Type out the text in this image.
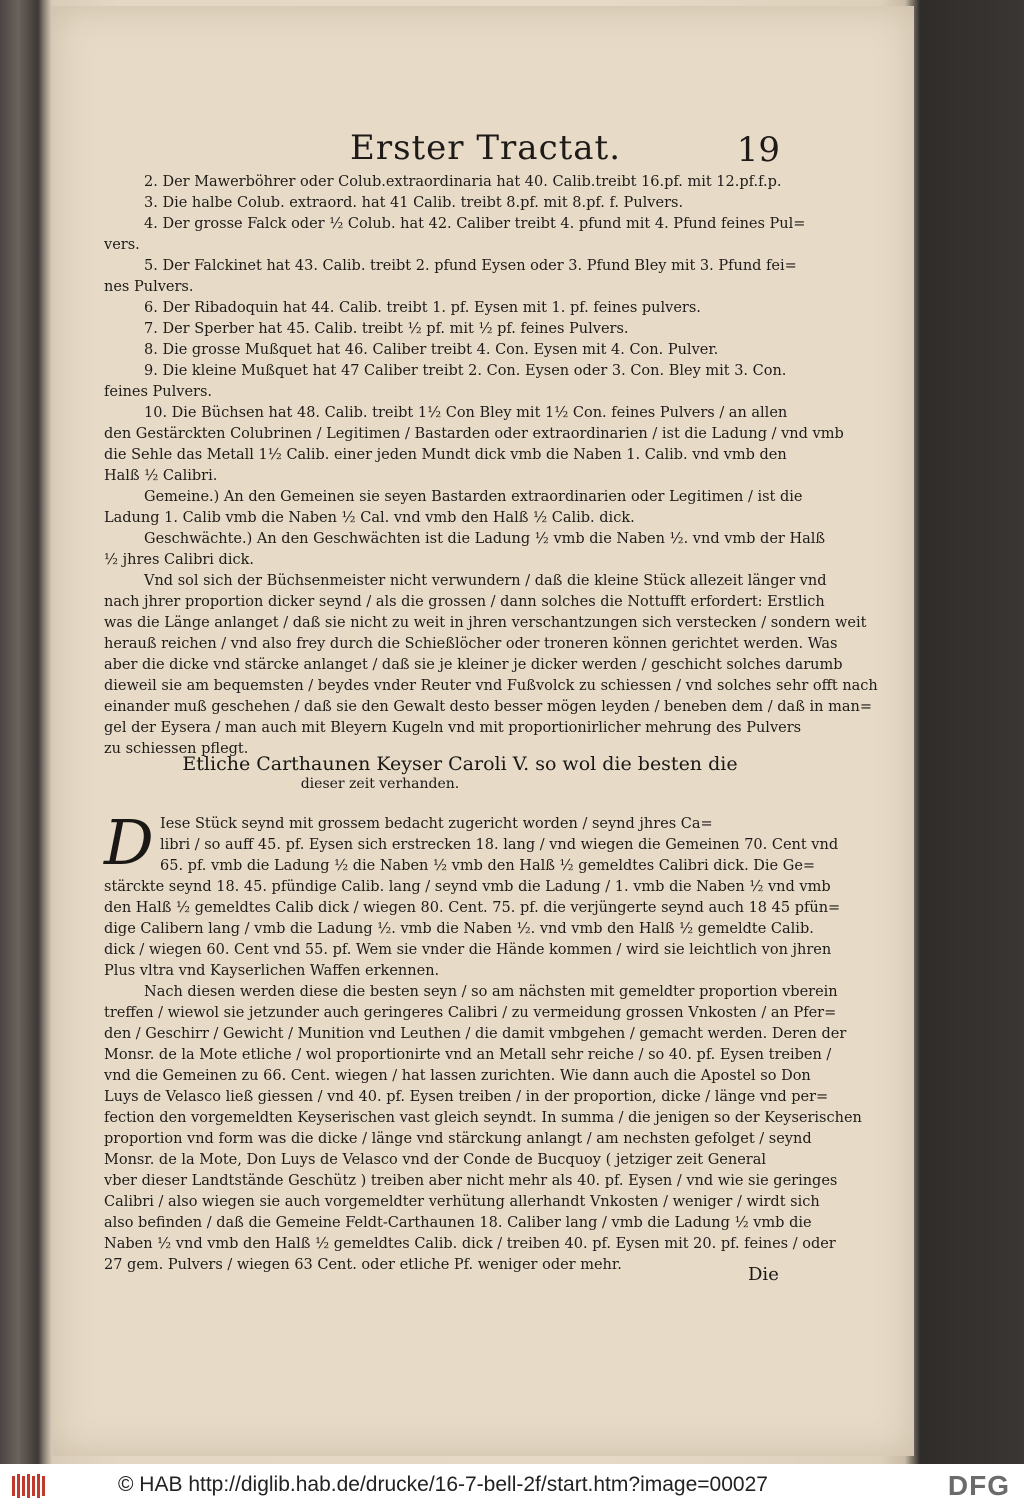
Erster Tractat.	19
2. Der Mawerböhrer oder Colub.extraordinaria hat 40. Calib.treibt 16.pf. mit 12.pf.f.p.
3. Die halbe Colub. extraord. hat 41 Calib. treibt 8.pf. mit 8.pf. f. Pulvers.
4. Der grosse Falck oder ½ Colub. hat 42. Caliber treibt 4. pfund mit 4. Pfund feines Pul=
vers.
5. Der Falckinet hat 43. Calib. treibt 2. pfund Eysen oder 3. Pfund Bley mit 3. Pfund fei=
nes Pulvers.
6. Der Ribadoquin hat 44. Calib. treibt 1. pf. Eysen mit 1. pf. feines pulvers.
7. Der Sperber hat 45. Calib. treibt ½ pf. mit ½ pf. feines Pulvers.
8. Die grosse Mußquet hat 46. Caliber treibt 4. Con. Eysen mit 4. Con. Pulver.
9. Die kleine Mußquet hat 47 Caliber treibt 2. Con. Eysen oder 3. Con. Bley mit 3. Con.
feines Pulvers.
10. Die Büchsen hat 48. Calib. treibt 1½ Con Bley mit 1½ Con. feines Pulvers / an allen
den Gestärckten Colubrinen / Legitimen / Bastarden oder extraordinarien / ist die Ladung / vnd vmb
die Sehle das Metall 1½ Calib. einer jeden Mundt dick vmb die Naben 1. Calib. vnd vmb den
Halß ½ Calibri.
Gemeine.) An den Gemeinen sie seyen Bastarden extraordinarien oder Legitimen / ist die
Ladung 1. Calib vmb die Naben ½ Cal. vnd vmb den Halß ½ Calib. dick.
Geschwächte.) An den Geschwächten ist die Ladung ½ vmb die Naben ½. vnd vmb der Halß
½ jhres Calibri dick.
Vnd sol sich der Büchsenmeister nicht verwundern / daß die kleine Stück allezeit länger vnd
nach jhrer proportion dicker seynd / als die grossen / dann solches die Nottufft erfordert: Erstlich
was die Länge anlanget / daß sie nicht zu weit in jhren verschantzungen sich verstecken / sondern weit
herauß reichen / vnd also frey durch die Schießlöcher oder troneren können gerichtet werden. Was
aber die dicke vnd stärcke anlanget / daß sie je kleiner je dicker werden / geschicht solches darumb
dieweil sie am bequemsten / beydes vnder Reuter vnd Fußvolck zu schiessen / vnd solches sehr offt nach
einander muß geschehen / daß sie den Gewalt desto besser mögen leyden / beneben dem / daß in man=
gel der Eysera / man auch mit Bleyern Kugeln vnd mit proportionirlicher mehrung des Pulvers
zu schiessen pflegt.
Etliche Carthaunen Keyser Caroli V. so wol die besten die
dieser zeit verhanden.
D Iese Stück seynd mit grossem bedacht zugericht worden / seynd jhres Ca=
libri / so auff 45. pf. Eysen sich erstrecken 18. lang / vnd wiegen die Gemeinen 70. Cent vnd
65. pf. vmb die Ladung ½ die Naben ½ vmb den Halß ½ gemeldtes Calibri dick. Die Ge=
stärckte seynd 18. 45. pfündige Calib. lang / seynd vmb die Ladung / 1. vmb die Naben ½ vnd vmb
den Halß ½ gemeldtes Calib dick / wiegen 80. Cent. 75. pf. die verjüngerte seynd auch 18 45 pfün=
dige Calibern lang / vmb die Ladung ½. vmb die Naben ½. vnd vmb den Halß ½ gemeldte Calib.
dick / wiegen 60. Cent vnd 55. pf. Wem sie vnder die Hände kommen / wird sie leichtlich von jhren
Plus vltra vnd Kayserlichen Waffen erkennen.
Nach diesen werden diese die besten seyn / so am nächsten mit gemeldter proportion vberein
treffen / wiewol sie jetzunder auch geringeres Calibri / zu vermeidung grossen Vnkosten / an Pfer=
den / Geschirr / Gewicht / Munition vnd Leuthen / die damit vmbgehen / gemacht werden. Deren der
Monsr. de la Mote etliche / wol proportionirte vnd an Metall sehr reiche / so 40. pf. Eysen treiben /
vnd die Gemeinen zu 66. Cent. wiegen / hat lassen zurichten. Wie dann auch die Apostel so Don
Luys de Velasco ließ giessen / vnd 40. pf. Eysen treiben / in der proportion, dicke / länge vnd per=
fection den vorgemeldten Keyserischen vast gleich seyndt. In summa / die jenigen so der Keyserischen
proportion vnd form was die dicke / länge vnd stärckung anlangt / am nechsten gefolget / seynd
Monsr. de la Mote, Don Luys de Velasco vnd der Conde de Bucquoy ( jetziger zeit General
vber dieser Landtstände Geschütz ) treiben aber nicht mehr als 40. pf. Eysen / vnd wie sie geringes
Calibri / also wiegen sie auch vorgemeldter verhütung allerhandt Vnkosten / weniger / wirdt sich
also befinden / daß die Gemeine Feldt-Carthaunen 18. Caliber lang / vmb die Ladung ½ vmb die
Naben ½ vnd vmb den Halß ½ gemeldtes Calib. dick / treiben 40. pf. Eysen mit 20. pf. feines / oder
27 gem. Pulvers / wiegen 63 Cent. oder etliche Pf. weniger oder mehr.	Die
© HAB http://diglib.hab.de/drucke/16-7-bell-2f/start.htm?image=00027	DFG
